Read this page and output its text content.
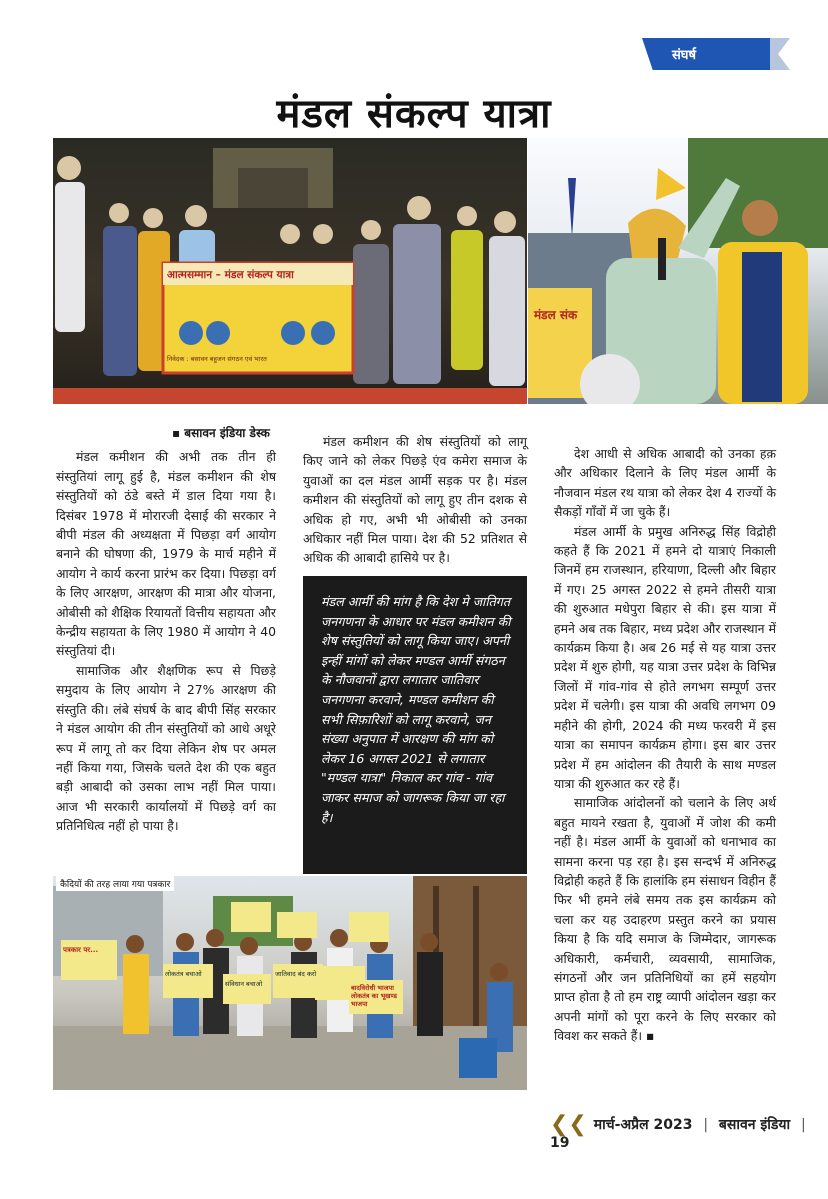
संघर्ष
मंडल संकल्प यात्रा
आत्मसम्मान – मंडल संकल्प यात्रा
निवेदक : बसावन बहुजन संगठन एवं भारत
मंडल संक
▪ बसावन इंडिया डेस्क

मंडल कमीशन की अभी तक तीन ही संस्तुतियां लागू हुई है, मंडल कमीशन की शेष संस्तुतियों को ठंडे बस्ते में डाल दिया गया है। दिसंबर 1978 में मोरारजी देसाई की सरकार ने बीपी मंडल की अध्यक्षता में पिछड़ा वर्ग आयोग बनाने की घोषणा की, 1979 के मार्च महीने में आयोग ने कार्य करना प्रारंभ कर दिया। पिछड़ा वर्ग के लिए आरक्षण, आरक्षण की मात्रा और योजना, ओबीसी को शैक्षिक रियायतों वित्तीय सहायता और केन्द्रीय सहायता के लिए 1980 में आयोग ने 40 संस्तुतियां दी।

सामाजिक और शैक्षणिक रूप से पिछड़े समुदाय के लिए आयोग ने 27% आरक्षण की संस्तुति की। लंबे संघर्ष के बाद बीपी सिंह सरकार ने मंडल आयोग की तीन संस्तुतियों को आधे अधूरे रूप में लागू तो कर दिया लेकिन शेष पर अमल नहीं किया गया, जिसके चलते देश की एक बहुत बड़ी आबादी को उसका लाभ नहीं मिल पाया। आज भी सरकारी कार्यालयों में पिछड़े वर्ग का प्रतिनिधित्व नहीं हो पाया है।

मंडल कमीशन की शेष संस्तुतियों को लागू किए जाने को लेकर पिछड़े एंव कमेरा समाज के युवाओं का दल मंडल आर्मी सड़क पर है। मंडल कमीशन की संस्तुतियों को लागू हुए तीन दशक से अधिक हो गए, अभी भी ओबीसी को उनका अधिकार नहीं मिल पाया। देश की 52 प्रतिशत से अधिक की आबादी हासिये पर है।

मंडल आर्मी की मांग है कि देश मे जातिगत जनगणना के आधार पर मंडल कमीशन की शेष संस्तुतियों को लागू किया जाए। अपनी इन्हीं मांगों को लेकर मण्डल आर्मी संगठन के नौजवानों द्वारा लगातार जातिवार जनगणना करवाने, मण्डल कमीशन की सभी सिफ़ारिशों को लागू करवाने, जन संख्या अनुपात में आरक्षण की मांग को लेकर 16 अगस्त 2021 से लगातार "मण्डल यात्रा" निकाल कर गांव - गांव जाकर समाज को जागरूक किया जा रहा है।

देश आधी से अधिक आबादी को उनका हक़ और अधिकार दिलाने के लिए मंडल आर्मी के नौजवान मंडल रथ यात्रा को लेकर देश 4 राज्यों के सैकड़ों गाँवों में जा चुके हैं।

मंडल आर्मी के प्रमुख अनिरुद्ध सिंह विद्रोही कहते हैं कि 2021 में हमने दो यात्राएं निकाली जिनमें हम राजस्थान, हरियाणा, दिल्ली और बिहार में गए। 25 अगस्त 2022 से हमने तीसरी यात्रा की शुरुआत मधेपुरा बिहार से की। इस यात्रा में हमने अब तक बिहार, मध्य प्रदेश और राजस्थान में कार्यक्रम किया है। अब 26 मई से यह यात्रा उत्तर प्रदेश में शुरु होगी, यह यात्रा उत्तर प्रदेश के विभिन्न जिलों में गांव-गांव से होते लगभग सम्पूर्ण उत्तर प्रदेश में चलेगी। इस यात्रा की अवधि लगभग 09 महीने की होगी, 2024 की मध्य फरवरी में इस यात्रा का समापन कार्यक्रम होगा। इस बार उत्तर प्रदेश में हम आंदोलन की तैयारी के साथ मण्डल यात्रा की शुरुआत कर रहे हैं।

सामाजिक आंदोलनों को चलाने के लिए अर्थ बहुत मायने रखता है, युवाओं में जोश की कमी नहीं है। मंडल आर्मी के युवाओं को धनाभाव का सामना करना पड़ रहा है। इस सन्दर्भ में अनिरुद्ध विद्रोही कहते हैं कि हालांकि हम संसाधन विहीन हैं फिर भी हमने लंबे समय तक इस कार्यक्रम को चला कर यह उदाहरण प्रस्तुत करने का प्रयास किया है कि यदि समाज के जिम्मेदार, जागरूक अधिकारी, कर्मचारी, व्यवसायी, सामाजिक, संगठनों और जन प्रतिनिधियों का हमें सहयोग प्राप्त होता है तो हम राष्ट्र व्यापी आंदोलन खड़ा कर अपनी मांगों को पूरा करने के लिए सरकार को विवश कर सकते हैं। ▪

कैदियों की तरह लाया गया पत्रकार
पत्रकार पर...
लोकतंत्र बचाओ
संविधान बचाओ
जातिवाद बंद करो
बादविरोधी भाजपा लोकतंत्र का भूखण्ड भाजपा
❮❮ मार्च-अप्रैल 2023 | बसावन इंडिया | 19
